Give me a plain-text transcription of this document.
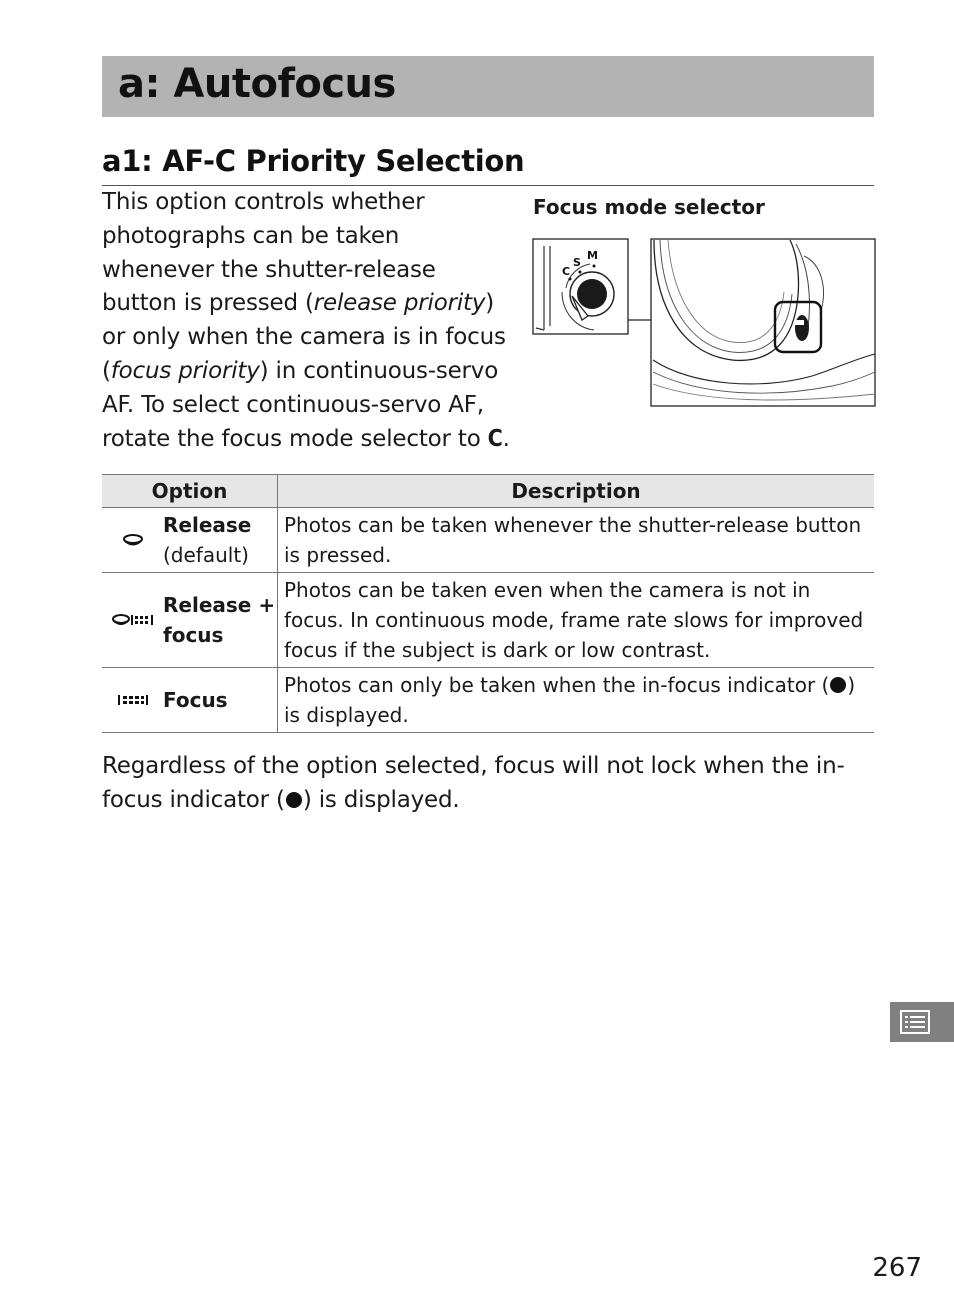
a: Autofocus
a1: AF-C Priority Selection

This option controls whether photographs can be taken whenever the shutter-release button is pressed (release priority) or only when the camera is in focus (focus priority) in continuous-servo AF. To select continuous-servo AF, rotate the focus mode selector to C.

Focus mode selector

C
S
M
Option	Description

Release
(default)	Photos can be taken whenever the shutter-release button is pressed.

Release + focus	Photos can be taken even when the camera is not in focus. In continuous mode, frame rate slows for improved focus if the subject is dark or low contrast.

Focus	Photos can only be taken when the in-focus indicator ( ) is displayed.

Regardless of the option selected, focus will not lock when the in-focus indicator ( ) is displayed.

267
